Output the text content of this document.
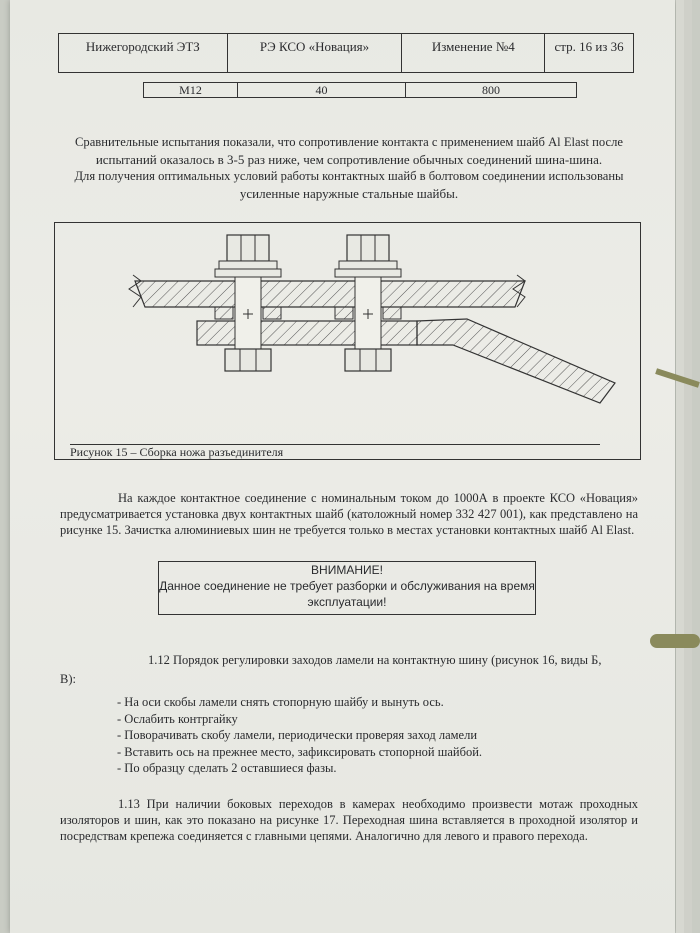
Нижегородский ЭТЗ	РЭ КСО «Новация»	Изменение №4	стр. 16 из 36
M12	40	800
Сравнительные испытания показали, что сопротивление контакта с применением шайб Al Elast после
испытаний оказалось в 3-5 раз ниже, чем сопротивление обычных соединений шина-шина.
Для получения оптимальных условий работы контактных шайб в болтовом соединении использованы
усиленные наружные стальные шайбы.
Рисунок 15 – Сборка ножа разъединителя
На каждое контактное соединение с номинальным током до 1000А в проекте КСО «Новация» предусматривается установка двух контактных шайб (католожный номер 332 427 001), как представлено на рисунке 15. Зачистка алюминиевых шин не требуется только в местах установки контактных шайб Al Elast.
ВНИМАНИЕ!
Данное соединение не требует разборки и обслуживания на время
эксплуатации!
1.12 Порядок регулировки заходов ламели на контактную шину (рисунок 16, виды Б,
В):
- На оси скобы ламели снять стопорную шайбу и вынуть ось.
- Ослабить контргайку
- Поворачивать скобу ламели, периодически проверяя заход ламели
- Вставить ось на прежнее место, зафиксировать стопорной шайбой.
- По образцу сделать 2 оставшиеся фазы.
1.13 При наличии боковых переходов в камерах необходимо произвести мотаж проходных изоляторов и шин, как это показано на рисунке 17. Переходная шина вставляется в проходной изолятор и посредствам крепежа соединяется с главными цепями. Аналогично для левого и правого перехода.
